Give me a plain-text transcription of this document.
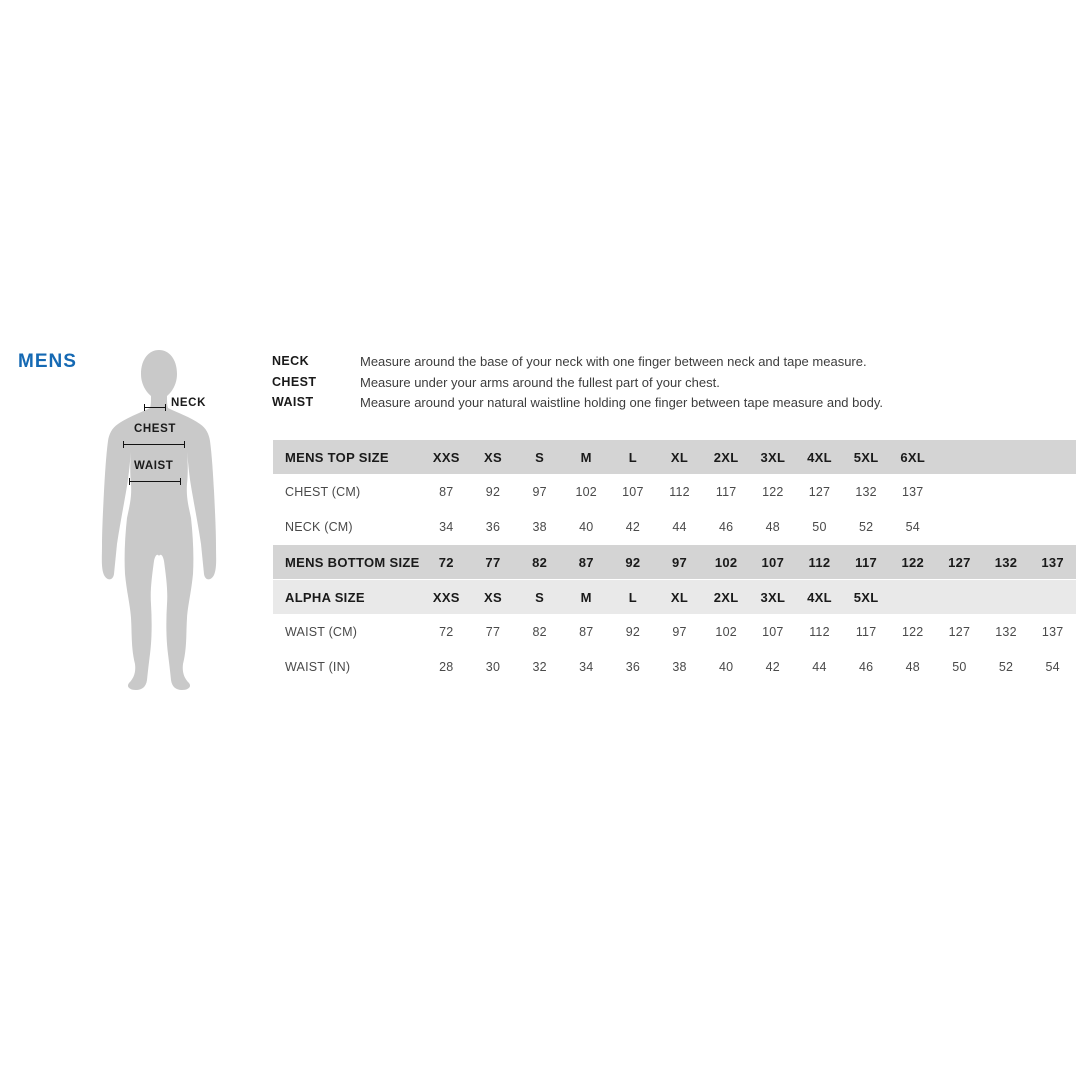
MENS
NECK
CHEST
WAIST
NECK	Measure around the base of your neck with one finger between neck and tape measure.
CHEST	Measure under your arms around the fullest part of your chest.
WAIST	Measure around your natural waistline holding one finger between tape measure and body.
MENS TOP SIZE	XXS	XS	S	M	L	XL	2XL	3XL	4XL	5XL	6XL
CHEST (CM)	87	92	97	102	107	112	117	122	127	132	137
NECK (CM)	34	36	38	40	42	44	46	48	50	52	54
MENS BOTTOM SIZE	72	77	82	87	92	97	102	107	112	117	122	127	132	137
ALPHA SIZE	XXS	XS	S	M	L	XL	2XL	3XL	4XL	5XL
WAIST (CM)	72	77	82	87	92	97	102	107	112	117	122	127	132	137
WAIST (IN)	28	30	32	34	36	38	40	42	44	46	48	50	52	54
